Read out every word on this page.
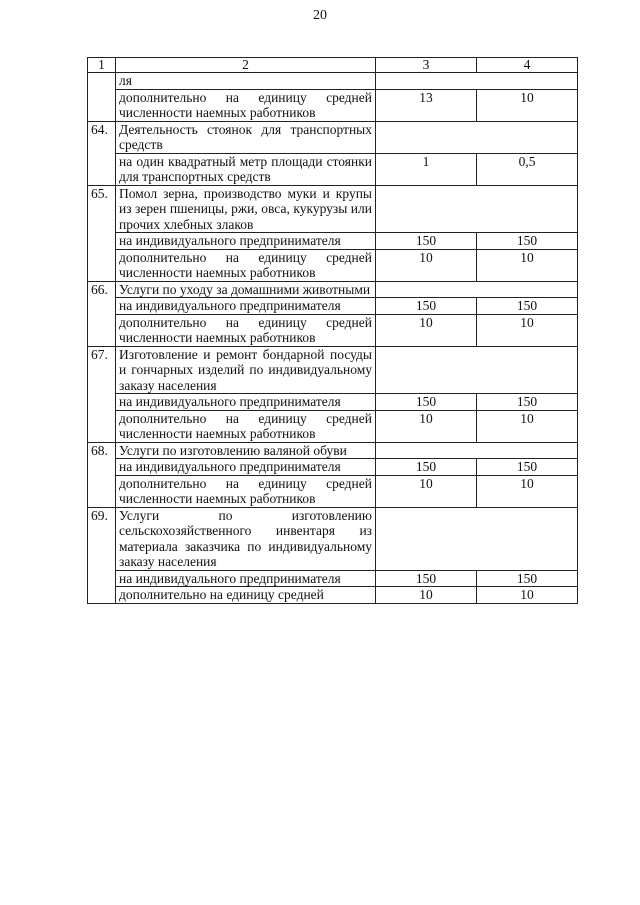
20
1	2	3	4
	ля		
	дополнительно на единицу средней численности наемных работников	13	10
64.	Деятельность стоянок для транспортных средств		
	на один квадратный метр площади стоянки для транспортных средств	1	0,5
65.	Помол зерна, производство муки и крупы из зерен пшеницы, ржи, овса, кукурузы или прочих хлебных злаков		
	на индивидуального предпринимателя	150	150
	дополнительно на единицу средней численности наемных работников	10	10
66.	Услуги по уходу за домашними животными		
	на индивидуального предпринимателя	150	150
	дополнительно на единицу средней численности наемных работников	10	10
67.	Изготовление и ремонт бондарной посуды и гончарных изделий по индивидуальному заказу населения		
	на индивидуального предпринимателя	150	150
	дополнительно на единицу средней численности наемных работников	10	10
68.	Услуги по изготовлению валяной обуви		
	на индивидуального предпринимателя	150	150
	дополнительно на единицу средней численности наемных работников	10	10
69.	Услуги по изготовлению сельскохозяйственного инвентаря из материала заказчика по индивидуальному заказу населения		
	на индивидуального предпринимателя	150	150
	дополнительно на единицу средней	10	10
